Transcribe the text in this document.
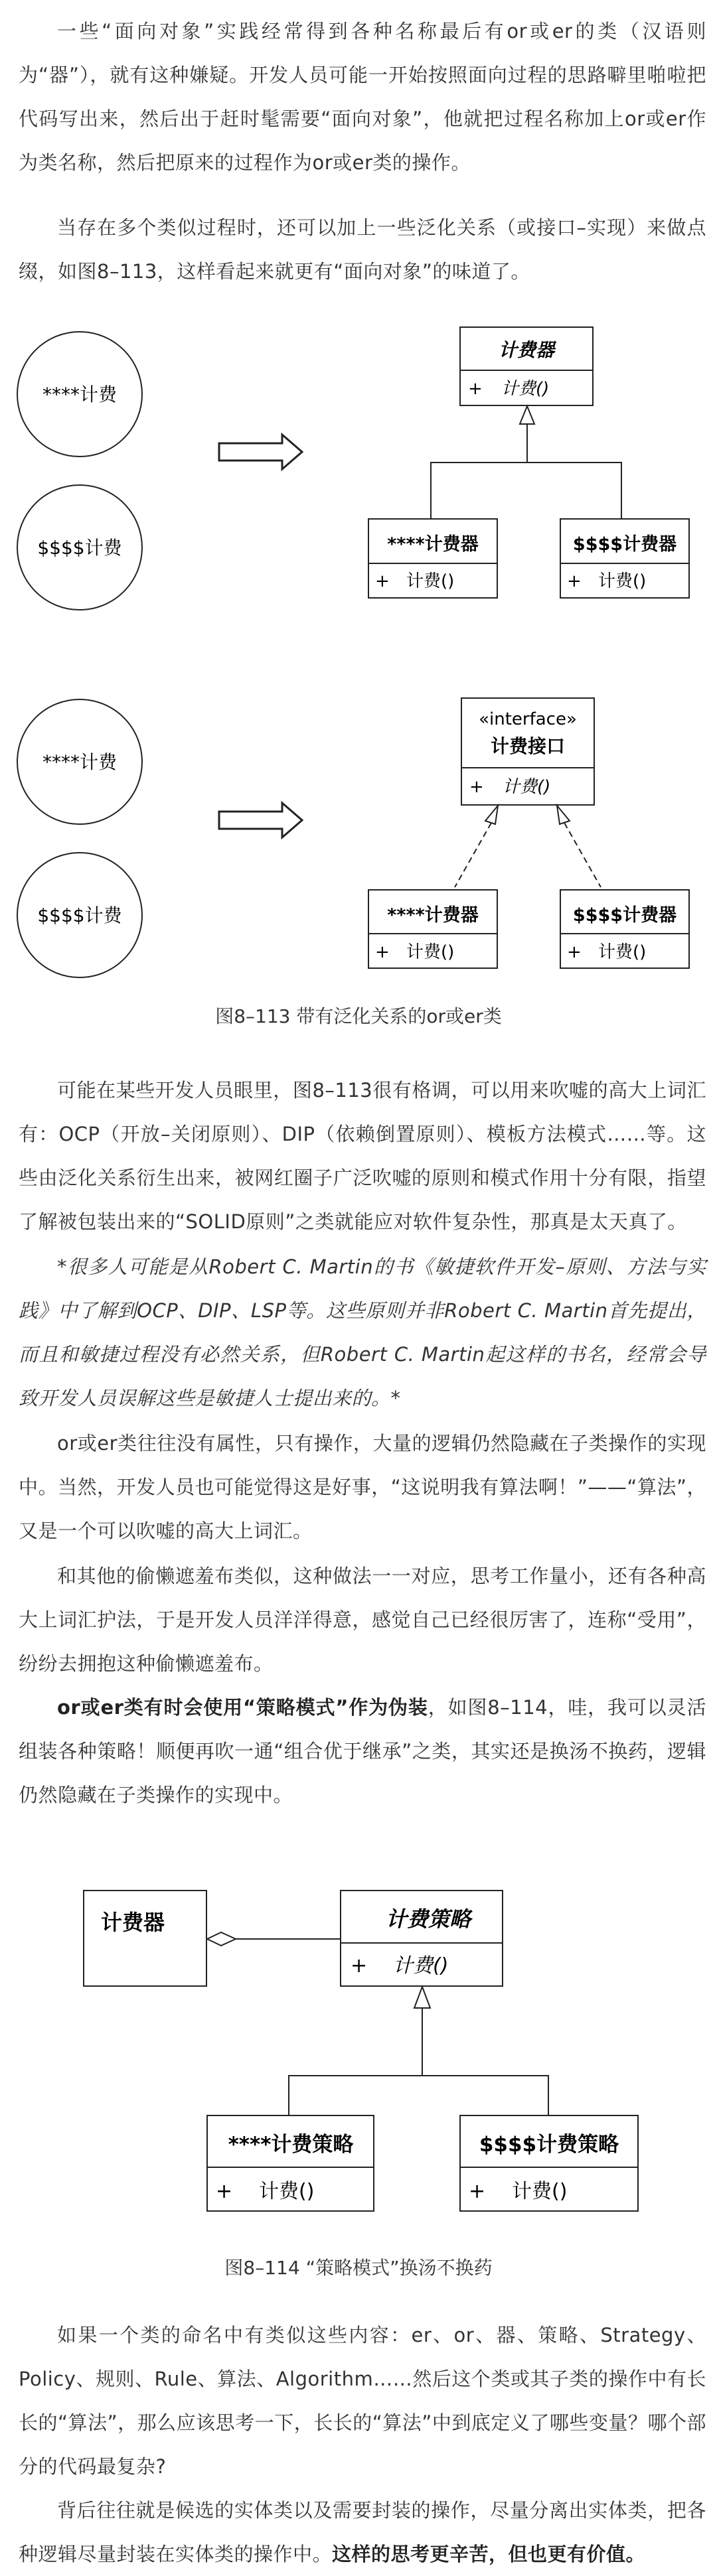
一些“面向对象”实践经常得到各种名称最后有or或er的类（汉语则为“器”），就有这种嫌疑。开发人员可能一开始按照面向过程的思路噼里啪啦把代码写出来，然后出于赶时髦需要“面向对象”，他就把过程名称加上or或er作为类名称，然后把原来的过程作为or或er类的操作。

当存在多个类似过程时，还可以加上一些泛化关系（或接口–实现）来做点缀，如图8–113，这样看起来就更有“面向对象”的味道了。

****计费
$$$$计费
计费器
+ 计费()
****计费器
+ 计费()
$$$$计费器
+ 计费()
****计费
$$$$计费
«interface»
计费接口
+ 计费()
****计费器
+ 计费()
$$$$计费器
+ 计费()
图8–113 带有泛化关系的or或er类

可能在某些开发人员眼里，图8–113很有格调，可以用来吹嘘的高大上词汇有：OCP（开放–关闭原则）、DIP（依赖倒置原则）、模板方法模式……等。这些由泛化关系衍生出来，被网红圈子广泛吹嘘的原则和模式作用十分有限，指望了解被包装出来的“SOLID原则”之类就能应对软件复杂性，那真是太天真了。

*很多人可能是从Robert C. Martin的书《敏捷软件开发–原则、方法与实践》中了解到OCP、DIP、LSP等。这些原则并非Robert C. Martin首先提出，而且和敏捷过程没有必然关系，但Robert C. Martin起这样的书名，经常会导致开发人员误解这些是敏捷人士提出来的。*

or或er类往往没有属性，只有操作，大量的逻辑仍然隐藏在子类操作的实现中。当然，开发人员也可能觉得这是好事，“这说明我有算法啊！”——“算法”，又是一个可以吹嘘的高大上词汇。

和其他的偷懒遮羞布类似，这种做法一一对应，思考工作量小，还有各种高大上词汇护法，于是开发人员洋洋得意，感觉自己已经很厉害了，连称“受用”，纷纷去拥抱这种偷懒遮羞布。

or或er类有时会使用“策略模式”作为伪装，如图8–114，哇，我可以灵活组装各种策略！顺便再吹一通“组合优于继承”之类，其实还是换汤不换药，逻辑仍然隐藏在子类操作的实现中。

计费器	计费策略
+ 计费()
****计费策略
+ 计费()
$$$$计费策略
+ 计费()
图8–114 “策略模式”换汤不换药

如果一个类的命名中有类似这些内容：er、or、器、策略、Strategy、Policy、规则、Rule、算法、Algorithm……然后这个类或其子类的操作中有长长的“算法”，那么应该思考一下，长长的“算法”中到底定义了哪些变量？哪个部分的代码最复杂?

背后往往就是候选的实体类以及需要封装的操作，尽量分离出实体类，把各种逻辑尽量封装在实体类的操作中。这样的思考更辛苦，但也更有价值。
